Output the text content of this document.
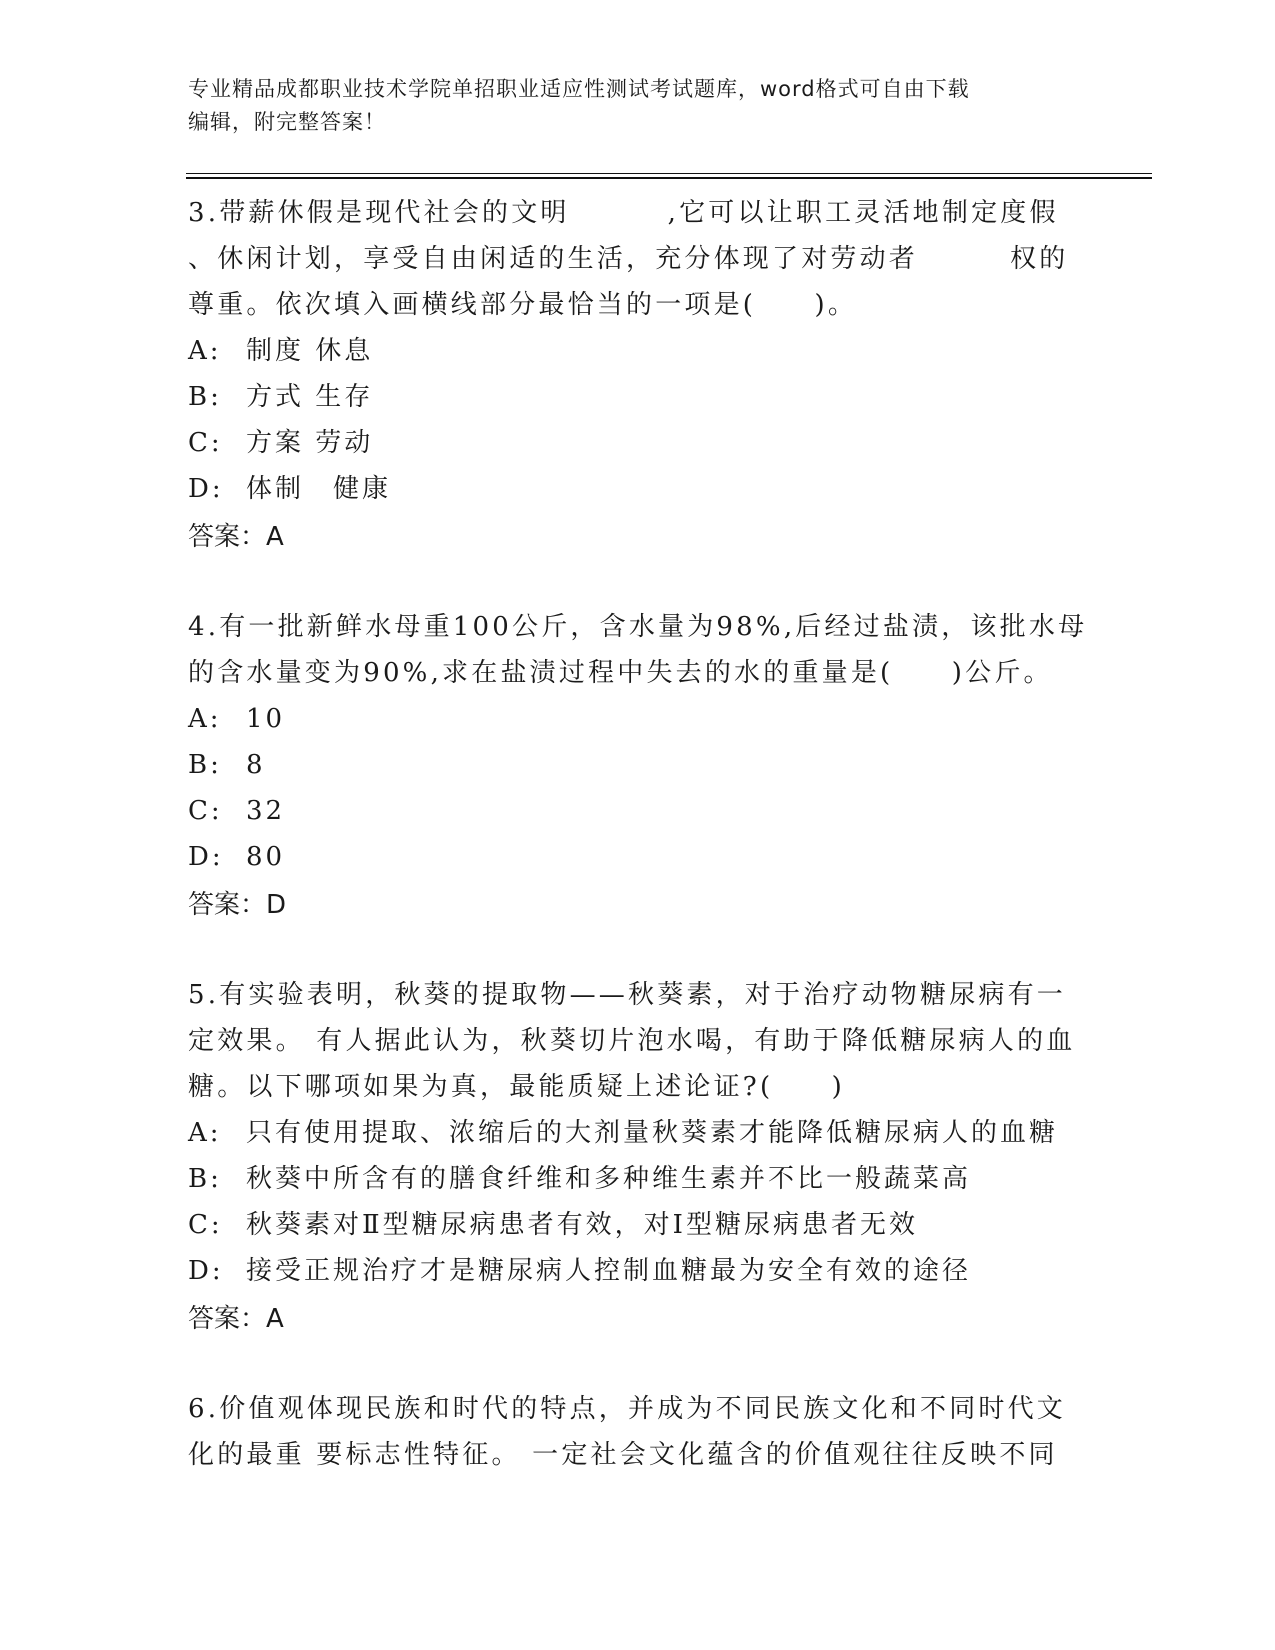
专业精品成都职业技术学院单招职业适应性测试考试题库，word格式可自由下载
编辑，附完整答案！

3.带薪休假是现代社会的文明	,它可以让职工灵活地制定度假
、休闲计划，享受自由闲适的生活，充分体现了对劳动者	权的
尊重。依次填入画横线部分最恰当的一项是(　　)。

A: 制度 休息
B: 方式 生存
C: 方案 劳动
D: 体制　健康
答案：A

4.有一批新鲜水母重100公斤，含水量为98%,后经过盐渍，该批水母
的含水量变为90%,求在盐渍过程中失去的水的重量是(　　)公斤。

A: 10
B: 8
C: 32
D: 80
答案：D

5.有实验表明，秋葵的提取物——秋葵素，对于治疗动物糖尿病有一
定效果。 有人据此认为，秋葵切片泡水喝，有助于降低糖尿病人的血
糖。以下哪项如果为真，最能质疑上述论证?(　　)

A: 只有使用提取、浓缩后的大剂量秋葵素才能降低糖尿病人的血糖
B: 秋葵中所含有的膳食纤维和多种维生素并不比一般蔬菜高
C: 秋葵素对Ⅱ型糖尿病患者有效，对Ⅰ型糖尿病患者无效
D: 接受正规治疗才是糖尿病人控制血糖最为安全有效的途径
答案：A

6.价值观体现民族和时代的特点，并成为不同民族文化和不同时代文
化的最重 要标志性特征。 一定社会文化蕴含的价值观往往反映不同
